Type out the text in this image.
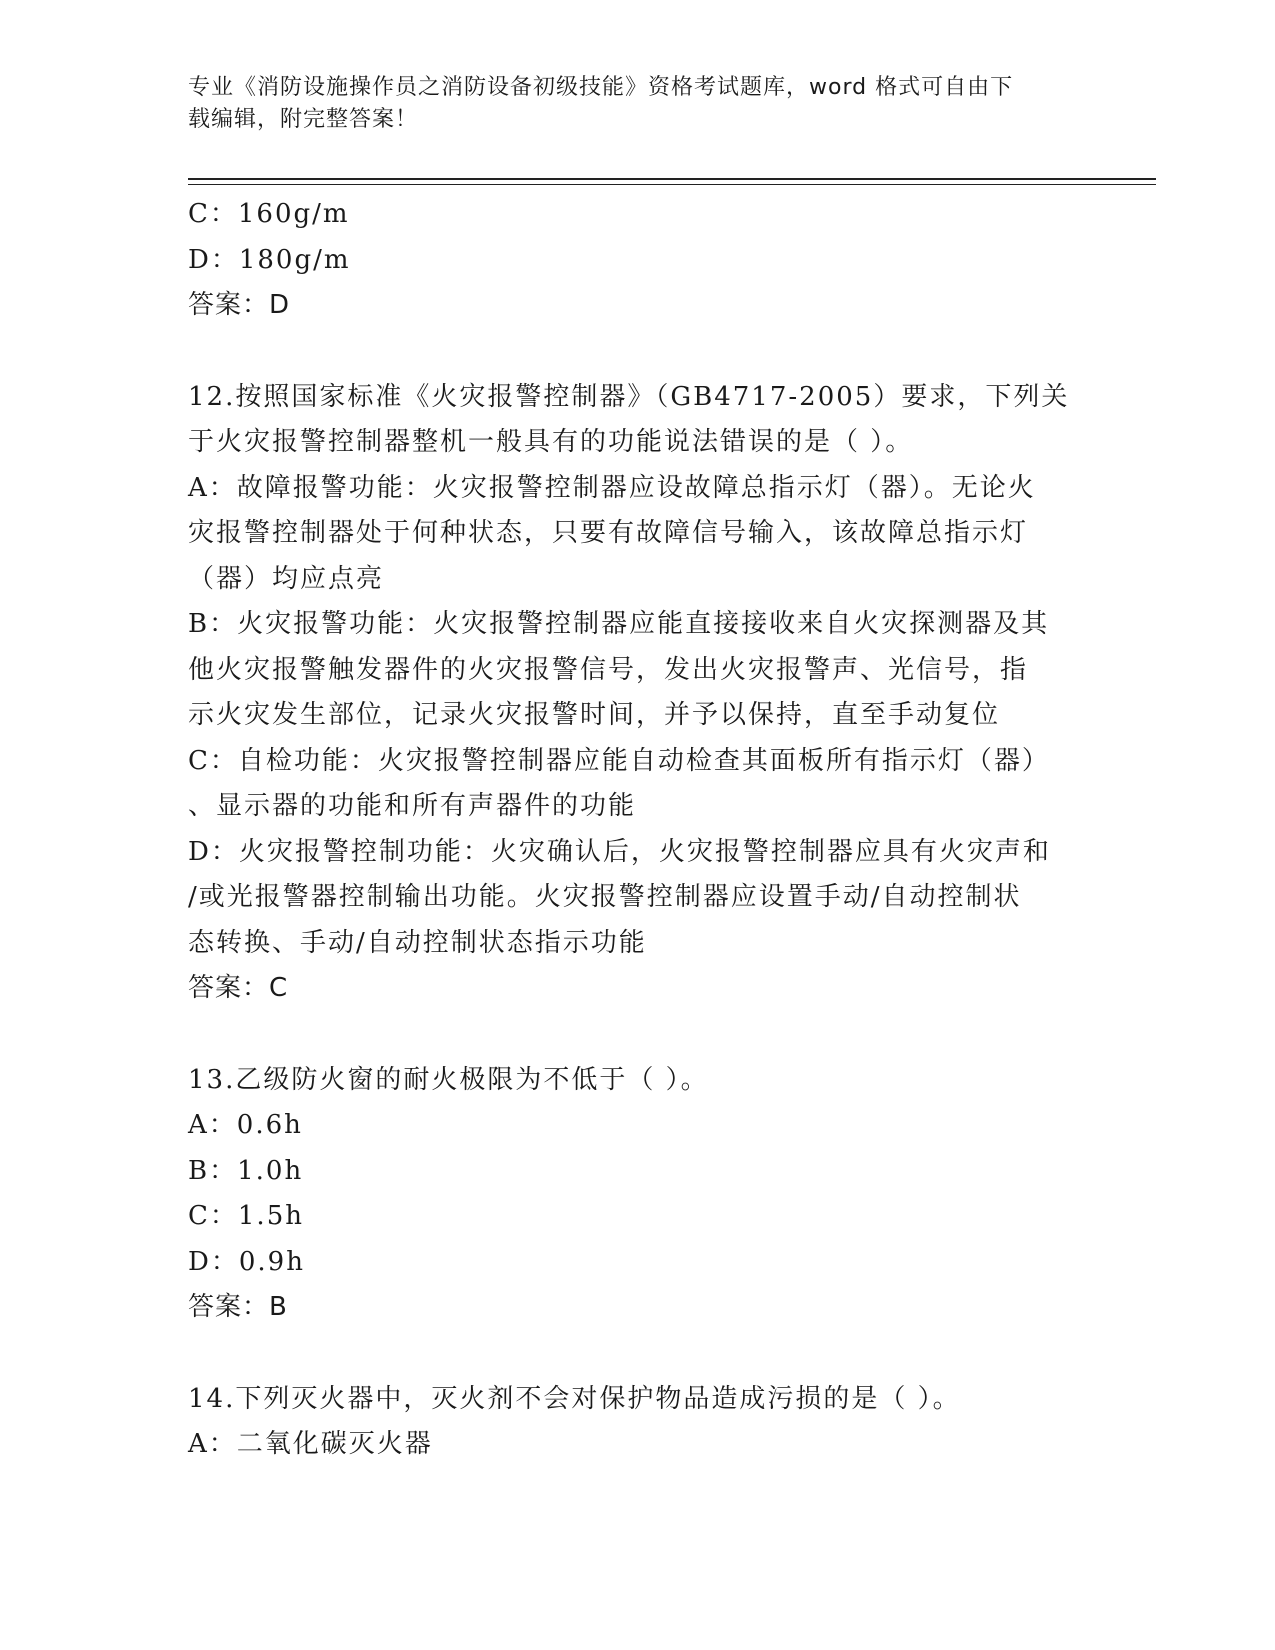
专业《消防设施操作员之消防设备初级技能》资格考试题库，word 格式可自由下
载编辑，附完整答案！
C：160g/m
D：180g/m
答案：D
12.按照国家标准《火灾报警控制器》（GB4717-2005）要求，下列关
于火灾报警控制器整机一般具有的功能说法错误的是（ ）。
A：故障报警功能：火灾报警控制器应设故障总指示灯（器）。无论火
灾报警控制器处于何种状态，只要有故障信号输入，该故障总指示灯
（器）均应点亮
B：火灾报警功能：火灾报警控制器应能直接接收来自火灾探测器及其
他火灾报警触发器件的火灾报警信号，发出火灾报警声、光信号，指
示火灾发生部位，记录火灾报警时间，并予以保持，直至手动复位
C：自检功能：火灾报警控制器应能自动检查其面板所有指示灯（器）
、显示器的功能和所有声器件的功能
D：火灾报警控制功能：火灾确认后，火灾报警控制器应具有火灾声和
/或光报警器控制输出功能。火灾报警控制器应设置手动/自动控制状
态转换、手动/自动控制状态指示功能
答案：C
13.乙级防火窗的耐火极限为不低于（ ）。
A：0.6h
B：1.0h
C：1.5h
D：0.9h
答案：B
14.下列灭火器中，灭火剂不会对保护物品造成污损的是（ ）。
A：二氧化碳灭火器
